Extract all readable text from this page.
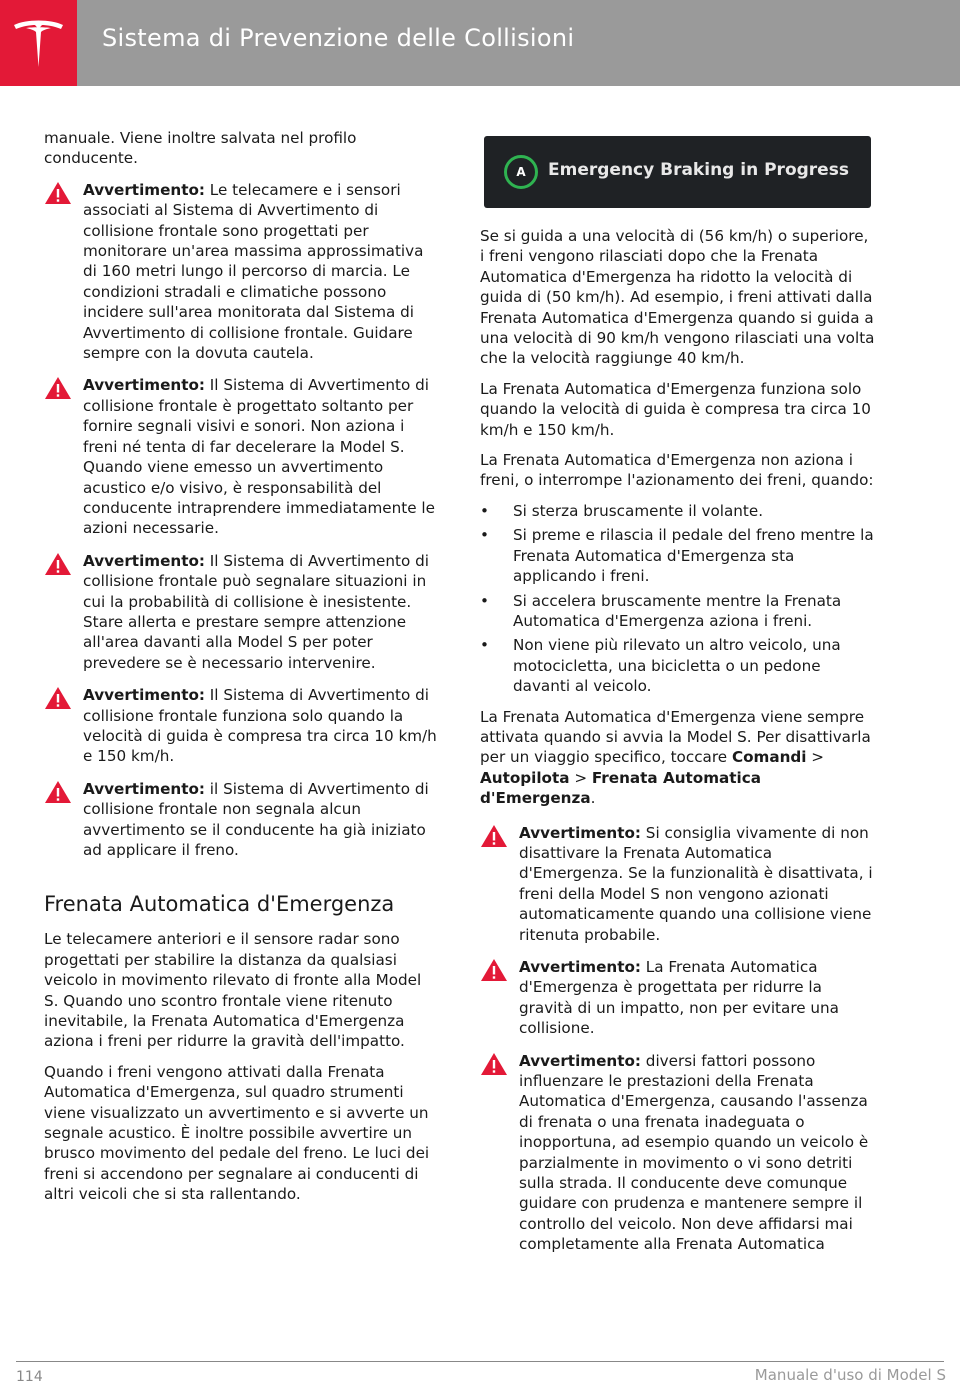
Sistema di Prevenzione delle Collisioni

manuale. Viene inoltre salvata nel profilo conducente.

Avvertimento: Le telecamere e i sensori associati al Sistema di Avvertimento di collisione frontale sono progettati per monitorare un'area massima approssimativa di 160 metri lungo il percorso di marcia. Le condizioni stradali e climatiche possono incidere sull'area monitorata dal Sistema di Avvertimento di collisione frontale. Guidare sempre con la dovuta cautela.
Avvertimento: Il Sistema di Avvertimento di collisione frontale è progettato soltanto per fornire segnali visivi e sonori. Non aziona i freni né tenta di far decelerare la Model S. Quando viene emesso un avvertimento acustico e/o visivo, è responsabilità del conducente intraprendere immediatamente le azioni necessarie.
Avvertimento: Il Sistema di Avvertimento di collisione frontale può segnalare situazioni in cui la probabilità di collisione è inesistente. Stare allerta e prestare sempre attenzione all'area davanti alla Model S per poter prevedere se è necessario intervenire.
Avvertimento: Il Sistema di Avvertimento di collisione frontale funziona solo quando la velocità di guida è compresa tra circa 10 km/h e 150 km/h.
Avvertimento: il Sistema di Avvertimento di collisione frontale non segnala alcun avvertimento se il conducente ha già iniziato ad applicare il freno.
Frenata Automatica d'Emergenza

Le telecamere anteriori e il sensore radar sono progettati per stabilire la distanza da qualsiasi veicolo in movimento rilevato di fronte alla Model S. Quando uno scontro frontale viene ritenuto inevitabile, la Frenata Automatica d'Emergenza aziona i freni per ridurre la gravità dell'impatto.

Quando i freni vengono attivati dalla Frenata Automatica d'Emergenza, sul quadro strumenti viene visualizzato un avvertimento e si avverte un segnale acustico. È inoltre possibile avvertire un brusco movimento del pedale del freno. Le luci dei freni si accendono per segnalare ai conducenti di altri veicoli che si sta rallentando.

A	Emergency Braking in Progress

Se si guida a una velocità di (56 km/h) o superiore, i freni vengono rilasciati dopo che la Frenata Automatica d'Emergenza ha ridotto la velocità di guida di (50 km/h). Ad esempio, i freni attivati dalla Frenata Automatica d'Emergenza quando si guida a una velocità di 90 km/h vengono rilasciati una volta che la velocità raggiunge 40 km/h.

La Frenata Automatica d'Emergenza funziona solo quando la velocità di guida è compresa tra circa 10 km/h e 150 km/h.

La Frenata Automatica d'Emergenza non aziona i freni, o interrompe l'azionamento dei freni, quando:

• Si sterza bruscamente il volante.
• Si preme e rilascia il pedale del freno mentre la Frenata Automatica d'Emergenza sta applicando i freni.
• Si accelera bruscamente mentre la Frenata Automatica d'Emergenza aziona i freni.
• Non viene più rilevato un altro veicolo, una motocicletta, una bicicletta o un pedone davanti al veicolo.

La Frenata Automatica d'Emergenza viene sempre attivata quando si avvia la Model S. Per disattivarla per un viaggio specifico, toccare Comandi > Autopilota > Frenata Automatica d'Emergenza.

Avvertimento: Si consiglia vivamente di non disattivare la Frenata Automatica d'Emergenza. Se la funzionalità è disattivata, i freni della Model S non vengono azionati automaticamente quando una collisione viene ritenuta probabile.
Avvertimento: La Frenata Automatica d'Emergenza è progettata per ridurre la gravità di un impatto, non per evitare una collisione.
Avvertimento: diversi fattori possono influenzare le prestazioni della Frenata Automatica d'Emergenza, causando l'assenza di frenata o una frenata inadeguata o inopportuna, ad esempio quando un veicolo è parzialmente in movimento o vi sono detriti sulla strada. Il conducente deve comunque guidare con prudenza e mantenere sempre il controllo del veicolo. Non deve affidarsi mai completamente alla Frenata Automatica
114	Manuale d'uso di Model S
